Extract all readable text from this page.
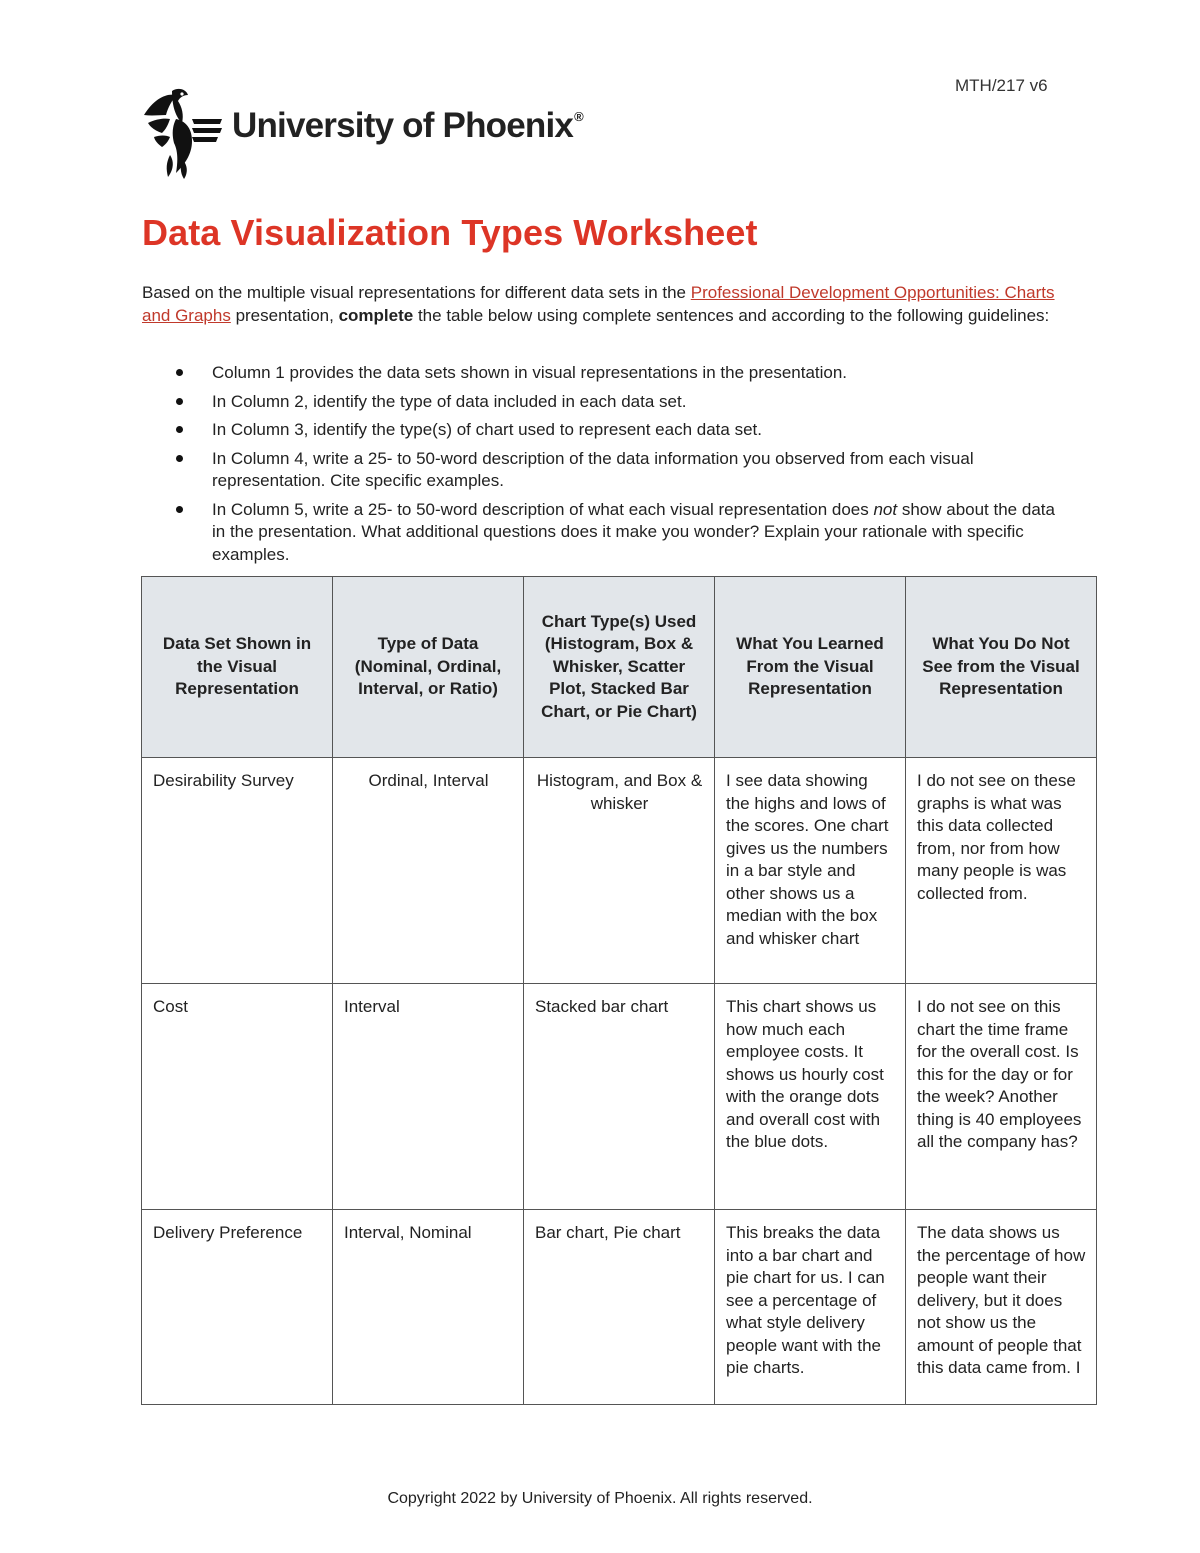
MTH/217 v6
University of Phoenix®
Data Visualization Types Worksheet
Based on the multiple visual representations for different data sets in the Professional Development Opportunities: Charts and Graphs presentation, complete the table below using complete sentences and according to the following guidelines:
Column 1 provides the data sets shown in visual representations in the presentation.
In Column 2, identify the type of data included in each data set.
In Column 3, identify the type(s) of chart used to represent each data set.
In Column 4, write a 25- to 50-word description of the data information you observed from each visual representation. Cite specific examples.
In Column 5, write a 25- to 50-word description of what each visual representation does not show about the data in the presentation. What additional questions does it make you wonder? Explain your rationale with specific examples.
Data Set Shown in the Visual Representation	Type of Data (Nominal, Ordinal, Interval, or Ratio)	Chart Type(s) Used (Histogram, Box & Whisker, Scatter Plot, Stacked Bar Chart, or Pie Chart)	What You Learned From the Visual Representation	What You Do Not See from the Visual Representation
Desirability Survey	Ordinal, Interval	Histogram, and Box & whisker	I see data showing the highs and lows of the scores. One chart gives us the numbers in a bar style and other shows us a median with the box and whisker chart	I do not see on these graphs is what was this data collected from, nor from how many people is was collected from.
Cost	Interval	Stacked bar chart	This chart shows us how much each employee costs. It shows us hourly cost with the orange dots and overall cost with the blue dots.	I do not see on this chart the time frame for the overall cost. Is this for the day or for the week? Another thing is 40 employees all the company has?
Delivery Preference	Interval, Nominal	Bar chart, Pie chart	This breaks the data into a bar chart and pie chart for us. I can see a percentage of what style delivery people want with the pie charts.	The data shows us the percentage of how people want their delivery, but it does not show us the amount of people that this data came from. I
Copyright 2022 by University of Phoenix. All rights reserved.
